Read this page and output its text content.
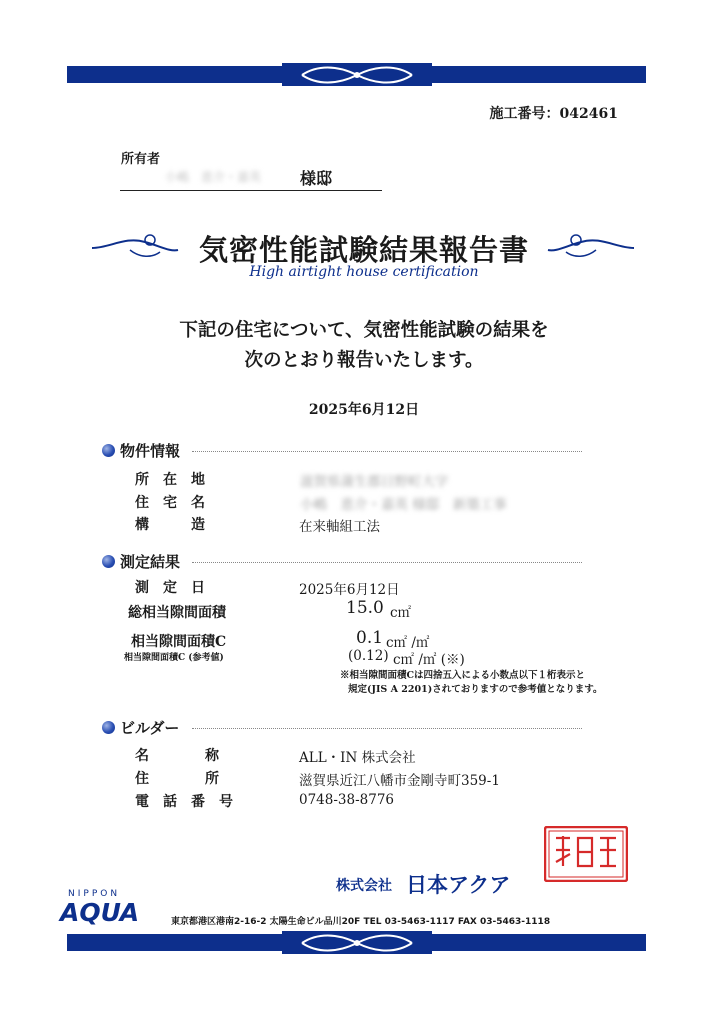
施工番号：042461
所有者
小嶋　恵介・嘉英 様邸
気密性能試験結果報告書
High airtight house certification
下記の住宅について、気密性能試験の結果を
次のとおり報告いたします。
2025年6月12日
物件情報
所　在　地	滋賀県蒲生郡日野町大字
住　宅　名	小嶋　恵介・嘉英 様邸　新築工事
構　　　造	在来軸組工法
測定結果
測　定　日	2025年6月12日
総相当隙間面積	15.0 c㎡
相当隙間面積C	0.1 c㎡ /㎡
相当隙間面積C (参考値)	(0.12) c㎡ /㎡ (※)
※相当隙間面積Cは四捨五入による小数点以下１桁表示と
規定(JIS A 2201)されておりますので参考値となります。
ビルダー
名　　　　称	ALL・IN 株式会社
住　　　　所	滋賀県近江八幡市金剛寺町359-1
電　話　番　号	0748-38-8776
NIPPON
AQUA
株式会社 日本アクア
東京都港区港南2-16-2 太陽生命ビル品川20F TEL 03-5463-1117 FAX 03-5463-1118
